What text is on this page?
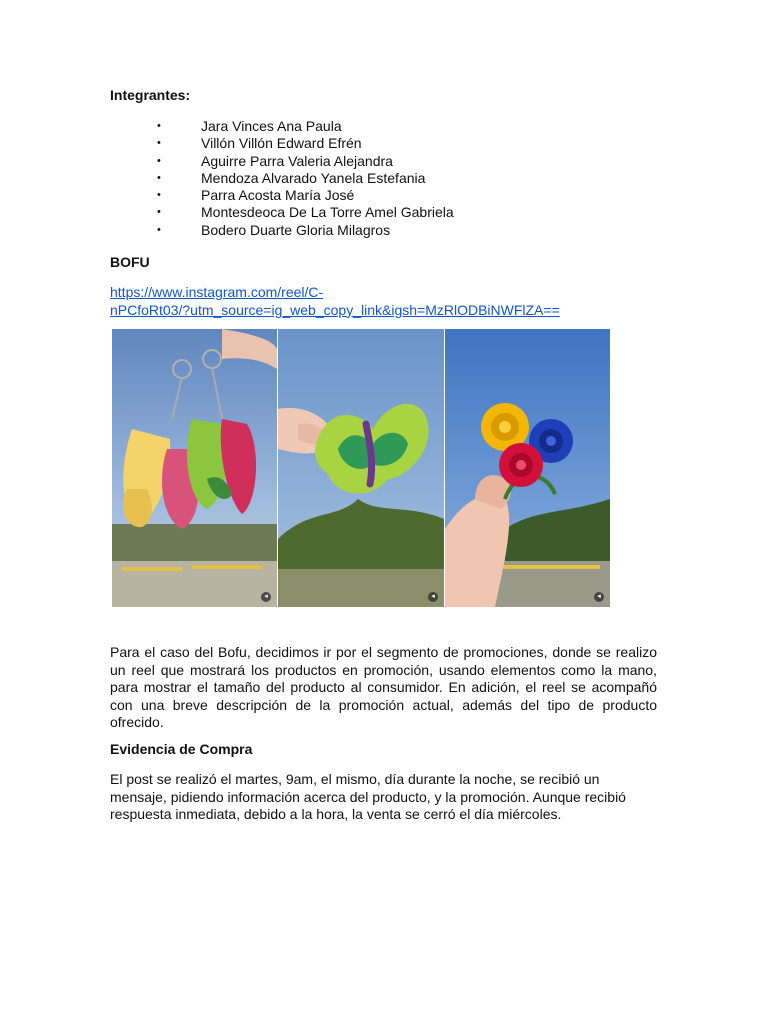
Integrantes:
•	Jara Vinces Ana Paula
•	Villón Villón Edward Efrén
•	Aguirre Parra Valeria Alejandra
•	Mendoza Alvarado Yanela Estefania
•	Parra Acosta María José
•	Montesdeoca De La Torre Amel Gabriela
•	Bodero Duarte Gloria Milagros
BOFU
https://www.instagram.com/reel/C-
nPCfoRt03/?utm_source=ig_web_copy_link&igsh=MzRlODBiNWFlZA==
◂	◂	◂
Para el caso del Bofu, decidimos ir por el segmento de promociones, donde se realizo un reel que mostrará los productos en promoción, usando elementos como la mano, para mostrar el tamaño del producto al consumidor. En adición, el reel se acompañó con una breve descripción de la promoción actual, además del tipo de producto ofrecido.
Evidencia de Compra
El post se realizó el martes, 9am, el mismo, día durante la noche, se recibió un mensaje, pidiendo información acerca del producto, y la promoción. Aunque recibió respuesta inmediata, debido a la hora, la venta se cerró el día miércoles.
